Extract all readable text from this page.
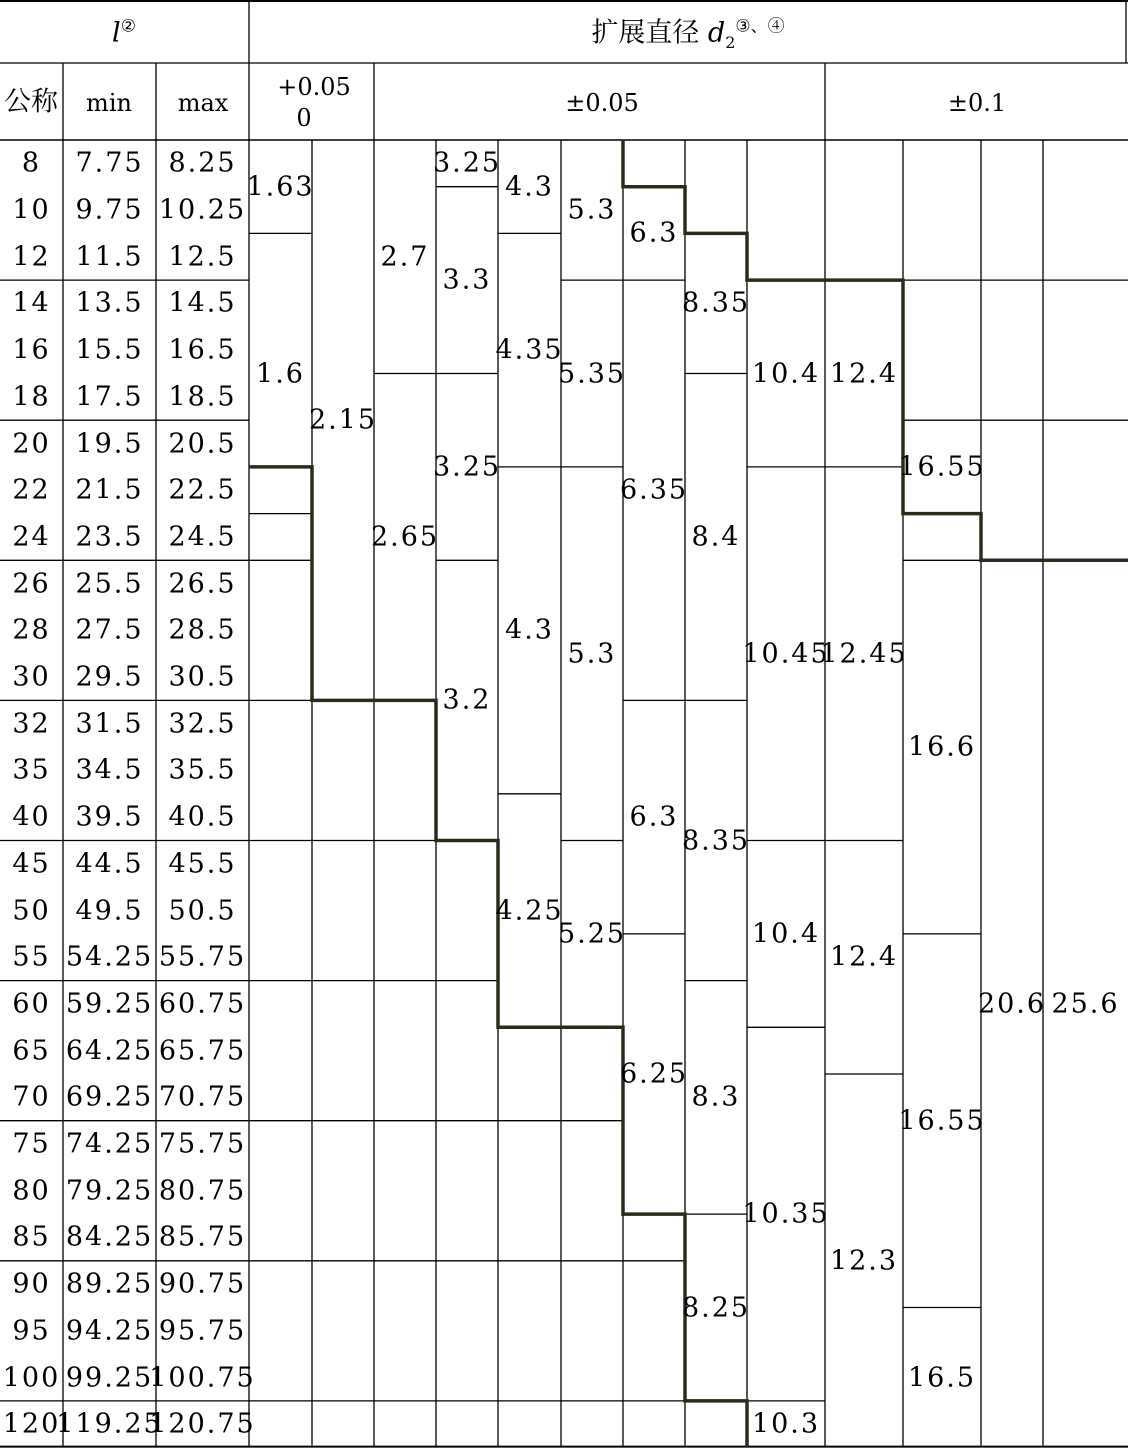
l②	扩展直径 $d_2^{③、④}$
公称 min max
+0.05
0
±0.05	±0.1
8 7.75 8.25
10 9.75 10.25
12 11.5 12.5
14 13.5 14.5
16 15.5 16.5
18 17.5 18.5
20 19.5 20.5
22 21.5 22.5
24 23.5 24.5
26 25.5 26.5
28 27.5 28.5
30 29.5 30.5
32 31.5 32.5
35 34.5 35.5
40 39.5 40.5
45 44.5 45.5
50 49.5 50.5
55 54.25 55.75
60 59.25 60.75
65 64.25 65.75
70 69.25 70.75
75 74.25 75.75
80 79.25 80.75
85 84.25 85.75
90 89.25 90.75
95 94.25 95.75
100 99.25
100.75
120
119.25
120.75
1.63
1.6
2.15
2.7
2.65
3.25
3.3
3.25
3.2
4.3
4.35
4.3
4.25
5.3
5.35
5.3
5.25
6.3
6.35
6.3
6.25
8.35
8.4
8.35
8.3
8.25
10.4
10.45
10.4
10.35
10.3
12.4
12.45
12.4
12.3
16.55
16.6
16.55
16.5
20.6 25.6
